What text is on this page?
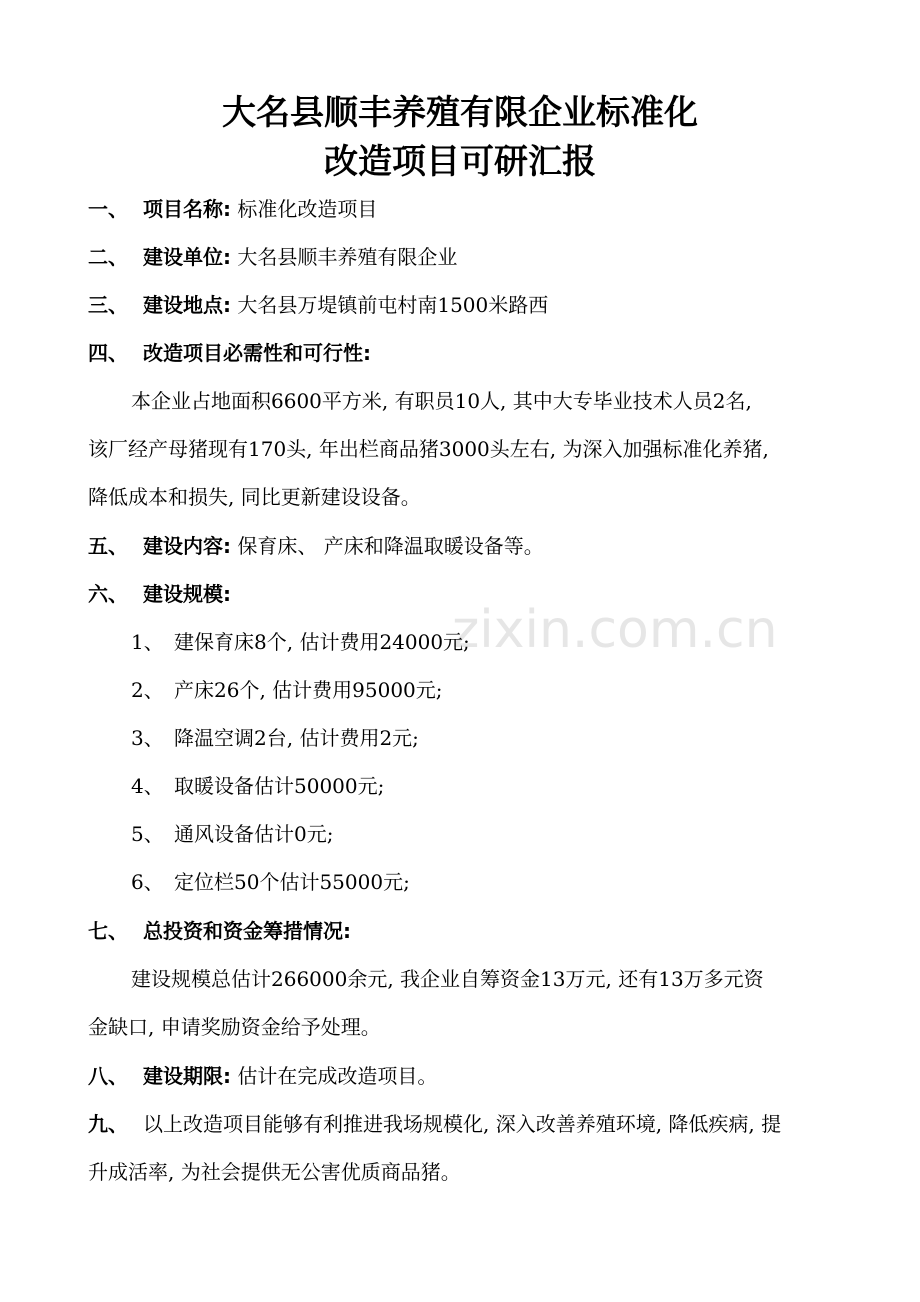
zixin.com.cn
大名县顺丰养殖有限企业标准化
改造项目可研汇报
一、 项目名称: 标准化改造项目
二、 建设单位: 大名县顺丰养殖有限企业
三、 建设地点: 大名县万堤镇前屯村南1500米路西
四、 改造项目必需性和可行性:
本企业占地面积6600平方米, 有职员10人, 其中大专毕业技术人员2名,
该厂经产母猪现有170头, 年出栏商品猪3000头左右, 为深入加强标准化养猪,
降低成本和损失, 同比更新建设设备。
五、 建设内容: 保育床、 产床和降温取暖设备等。
六、 建设规模:
1、 建保育床8个, 估计费用24000元;
2、 产床26个, 估计费用95000元;
3、 降温空调2台, 估计费用2元;
4、 取暖设备估计50000元;
5、 通风设备估计0元;
6、 定位栏50个估计55000元;
七、 总投资和资金筹措情况:
建设规模总估计266000余元, 我企业自筹资金13万元, 还有13万多元资
金缺口, 申请奖励资金给予处理。
八、 建设期限: 估计在完成改造项目。
九、 以上改造项目能够有利推进我场规模化, 深入改善养殖环境, 降低疾病, 提
升成活率, 为社会提供无公害优质商品猪。
